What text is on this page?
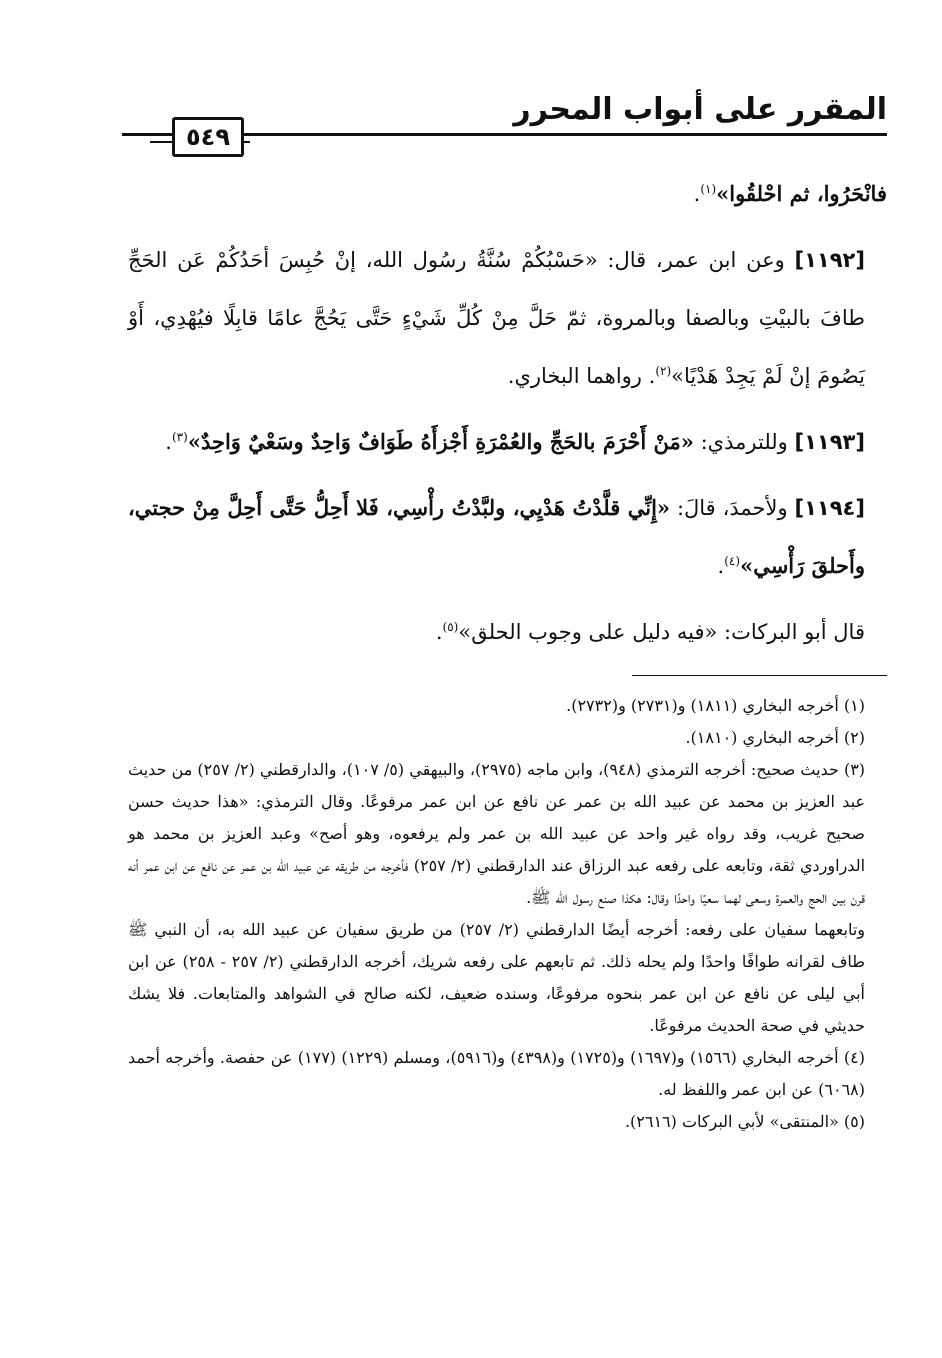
المقرر على أبواب المحرر
٥٤٩

فانْحَرُوا، ثم احْلقُوا»$^{(١)}$.

[١١٩٢] وعن ابن عمر، قال: «حَسْبُكُمْ سُنَّةُ رسُول الله، إنْ حُبِسَ أحَدُكُمْ عَن الحَجِّ طافَ بالبيْتِ وبالصفا وبالمروة، ثمّ حَلَّ مِنْ كُلِّ شَيْءٍ حَتَّى يَحُجَّ عامًا قابِلًا فيُهْدِي، أَوْ يَصُومَ إنْ لَمْ يَجِدْ هَدْيًا»$^{(٢)}$. رواهما البخاري.

[١١٩٣] وللترمذي: «مَنْ أَحْرَمَ بالحَجِّ والعُمْرَةِ أَجْزأَهُ طَوَافٌ وَاحِدٌ وسَعْيٌ وَاحِدٌ»$^{(٣)}$.

[١١٩٤] ولأحمدَ، قالَ: «إِنِّي قلَّدْتُ هَدْيِي، ولبَّدْتُ رأْسِي، فَلا أَحِلُّ حَتَّى أَحِلَّ مِنْ حجتي، وأَحلقَ رَأْسِي»$^{(٤)}$.

قال أبو البركات: «فيه دليل على وجوب الحلق»$^{(٥)}$.

(١) أخرجه البخاري (١٨١١) و(٢٧٣١) و(٢٧٣٢).

(٢) أخرجه البخاري (١٨١٠).

(٣) حديث صحيح: أخرجه الترمذي (٩٤٨)، وابن ماجه (٢٩٧٥)، والبيهقي (٥/ ١٠٧)، والدارقطني (٢/ ٢٥٧) من حديث عبد العزيز بن محمد عن عبيد الله بن عمر عن نافع عن ابن عمر مرفوعًا. وقال الترمذي: «هذا حديث حسن صحيح غريب، وقد رواه غير واحد عن عبيد الله بن عمر ولم يرفعوه، وهو أصح» وعبد العزيز بن محمد هو الدراوردي ثقة، وتابعه على رفعه عبد الرزاق عند الدارقطني (٢/ ٢٥٧) فأخرجه من طريقه عن عبيد الله بن عمر عن نافع عن ابن عمر أنه قرن بين الحج والعمرة وسعى لهما سعيًا واحدًا وقال: هكذا صنع رسول الله ﷺ.

وتابعهما سفيان على رفعه: أخرجه أيضًا الدارقطني (٢/ ٢٥٧) من طريق سفيان عن عبيد الله به، أن النبي ﷺ طاف لقرانه طوافًا واحدًا ولم يحله ذلك. ثم تابعهم على رفعه شريك، أخرجه الدارقطني (٢/ ٢٥٧ - ٢٥٨) عن ابن أبي ليلى عن نافع عن ابن عمر بنحوه مرفوعًا، وسنده ضعيف، لكنه صالح في الشواهد والمتابعات. فلا يشك حديثي في صحة الحديث مرفوعًا.

(٤) أخرجه البخاري (١٥٦٦) و(١٦٩٧) و(١٧٢٥) و(٤٣٩٨) و(٥٩١٦)، ومسلم (١٢٢٩) (١٧٧) عن حفصة. وأخرجه أحمد (٦٠٦٨) عن ابن عمر واللفظ له.

(٥) «المنتقى» لأبي البركات (٢٦١٦).
